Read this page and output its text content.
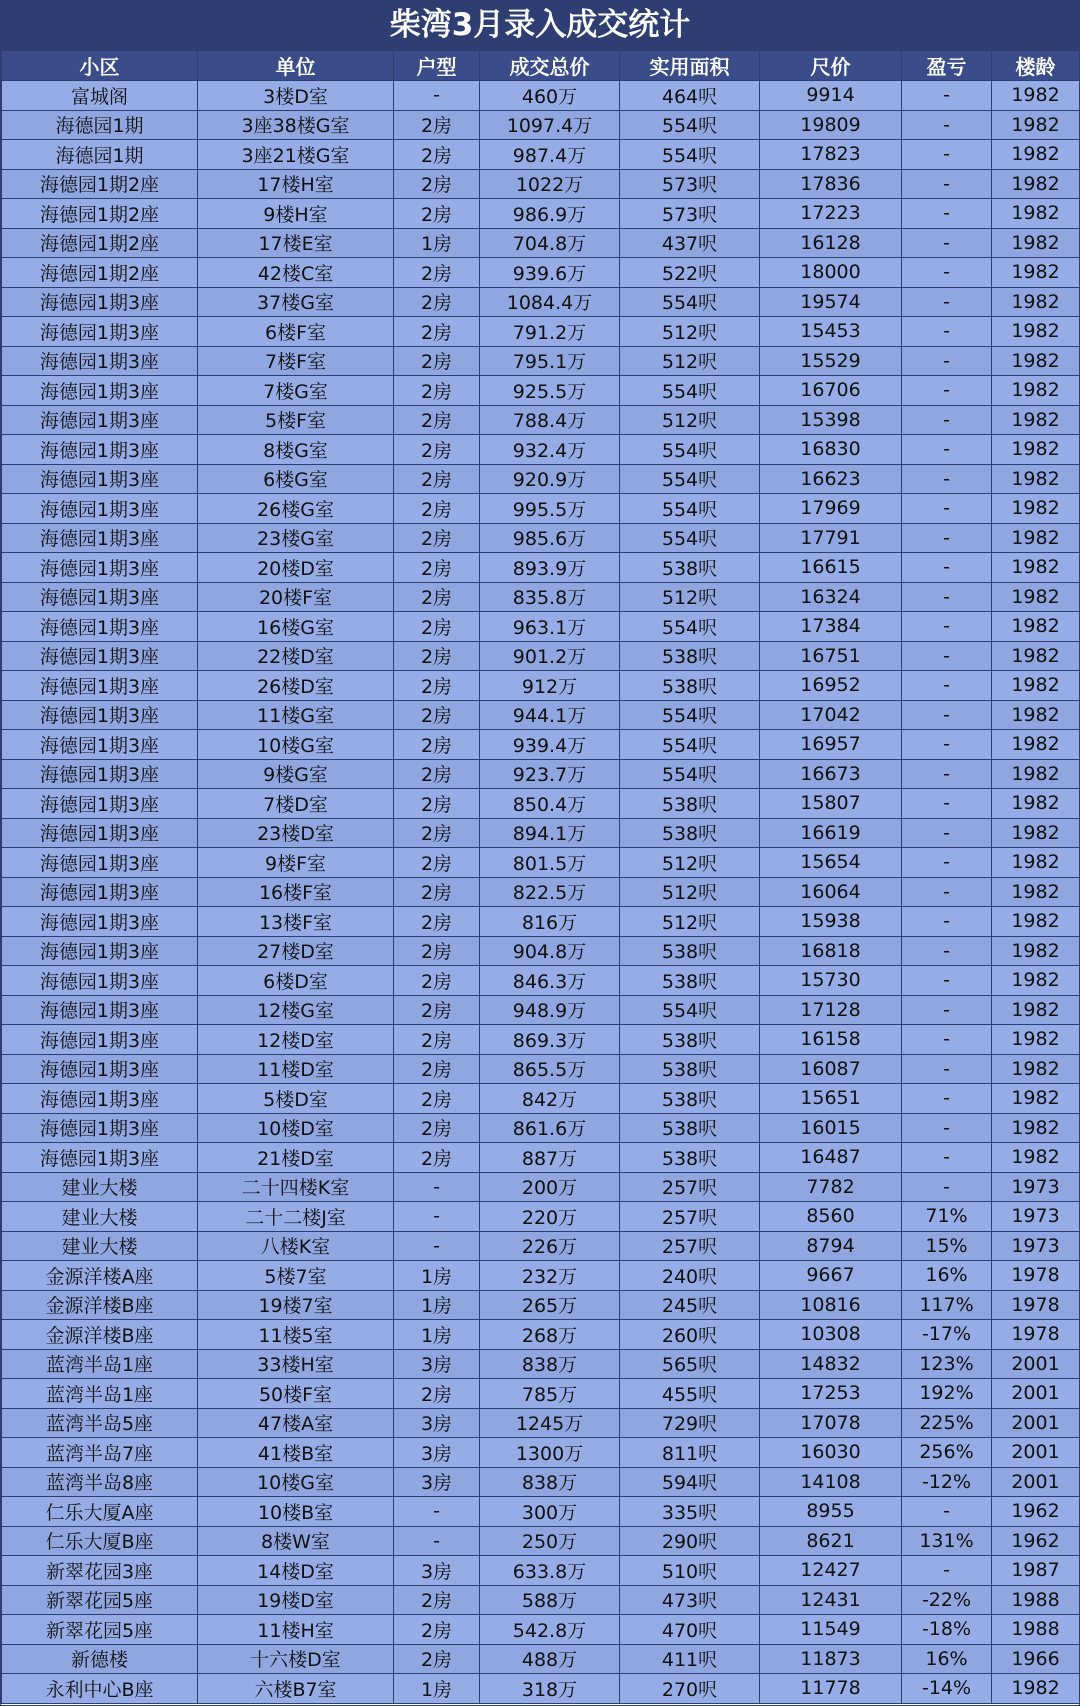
柴湾3月录入成交统计
小区	单位	户型	成交总价	实用面积	尺价	盈亏	楼龄
富城阁	3楼D室	-	460万	464呎	9914	-	1982
海德园1期	3座38楼G室	2房	1097.4万	554呎	19809	-	1982
海德园1期	3座21楼G室	2房	987.4万	554呎	17823	-	1982
海德园1期2座	17楼H室	2房	1022万	573呎	17836	-	1982
海德园1期2座	9楼H室	2房	986.9万	573呎	17223	-	1982
海德园1期2座	17楼E室	1房	704.8万	437呎	16128	-	1982
海德园1期2座	42楼C室	2房	939.6万	522呎	18000	-	1982
海德园1期3座	37楼G室	2房	1084.4万	554呎	19574	-	1982
海德园1期3座	6楼F室	2房	791.2万	512呎	15453	-	1982
海德园1期3座	7楼F室	2房	795.1万	512呎	15529	-	1982
海德园1期3座	7楼G室	2房	925.5万	554呎	16706	-	1982
海德园1期3座	5楼F室	2房	788.4万	512呎	15398	-	1982
海德园1期3座	8楼G室	2房	932.4万	554呎	16830	-	1982
海德园1期3座	6楼G室	2房	920.9万	554呎	16623	-	1982
海德园1期3座	26楼G室	2房	995.5万	554呎	17969	-	1982
海德园1期3座	23楼G室	2房	985.6万	554呎	17791	-	1982
海德园1期3座	20楼D室	2房	893.9万	538呎	16615	-	1982
海德园1期3座	20楼F室	2房	835.8万	512呎	16324	-	1982
海德园1期3座	16楼G室	2房	963.1万	554呎	17384	-	1982
海德园1期3座	22楼D室	2房	901.2万	538呎	16751	-	1982
海德园1期3座	26楼D室	2房	912万	538呎	16952	-	1982
海德园1期3座	11楼G室	2房	944.1万	554呎	17042	-	1982
海德园1期3座	10楼G室	2房	939.4万	554呎	16957	-	1982
海德园1期3座	9楼G室	2房	923.7万	554呎	16673	-	1982
海德园1期3座	7楼D室	2房	850.4万	538呎	15807	-	1982
海德园1期3座	23楼D室	2房	894.1万	538呎	16619	-	1982
海德园1期3座	9楼F室	2房	801.5万	512呎	15654	-	1982
海德园1期3座	16楼F室	2房	822.5万	512呎	16064	-	1982
海德园1期3座	13楼F室	2房	816万	512呎	15938	-	1982
海德园1期3座	27楼D室	2房	904.8万	538呎	16818	-	1982
海德园1期3座	6楼D室	2房	846.3万	538呎	15730	-	1982
海德园1期3座	12楼G室	2房	948.9万	554呎	17128	-	1982
海德园1期3座	12楼D室	2房	869.3万	538呎	16158	-	1982
海德园1期3座	11楼D室	2房	865.5万	538呎	16087	-	1982
海德园1期3座	5楼D室	2房	842万	538呎	15651	-	1982
海德园1期3座	10楼D室	2房	861.6万	538呎	16015	-	1982
海德园1期3座	21楼D室	2房	887万	538呎	16487	-	1982
建业大楼	二十四楼K室	-	200万	257呎	7782	-	1973
建业大楼	二十二楼J室	-	220万	257呎	8560	71%	1973
建业大楼	八楼K室	-	226万	257呎	8794	15%	1973
金源洋楼A座	5楼7室	1房	232万	240呎	9667	16%	1978
金源洋楼B座	19楼7室	1房	265万	245呎	10816	117%	1978
金源洋楼B座	11楼5室	1房	268万	260呎	10308	-17%	1978
蓝湾半岛1座	33楼H室	3房	838万	565呎	14832	123%	2001
蓝湾半岛1座	50楼F室	2房	785万	455呎	17253	192%	2001
蓝湾半岛5座	47楼A室	3房	1245万	729呎	17078	225%	2001
蓝湾半岛7座	41楼B室	3房	1300万	811呎	16030	256%	2001
蓝湾半岛8座	10楼G室	3房	838万	594呎	14108	-12%	2001
仁乐大厦A座	10楼B室	-	300万	335呎	8955	-	1962
仁乐大厦B座	8楼W室	-	250万	290呎	8621	131%	1962
新翠花园3座	14楼D室	3房	633.8万	510呎	12427	-	1987
新翠花园5座	19楼D室	2房	588万	473呎	12431	-22%	1988
新翠花园5座	11楼H室	2房	542.8万	470呎	11549	-18%	1988
新德楼	十六楼D室	2房	488万	411呎	11873	16%	1966
永利中心B座	六楼B7室	1房	318万	270呎	11778	-14%	1982
